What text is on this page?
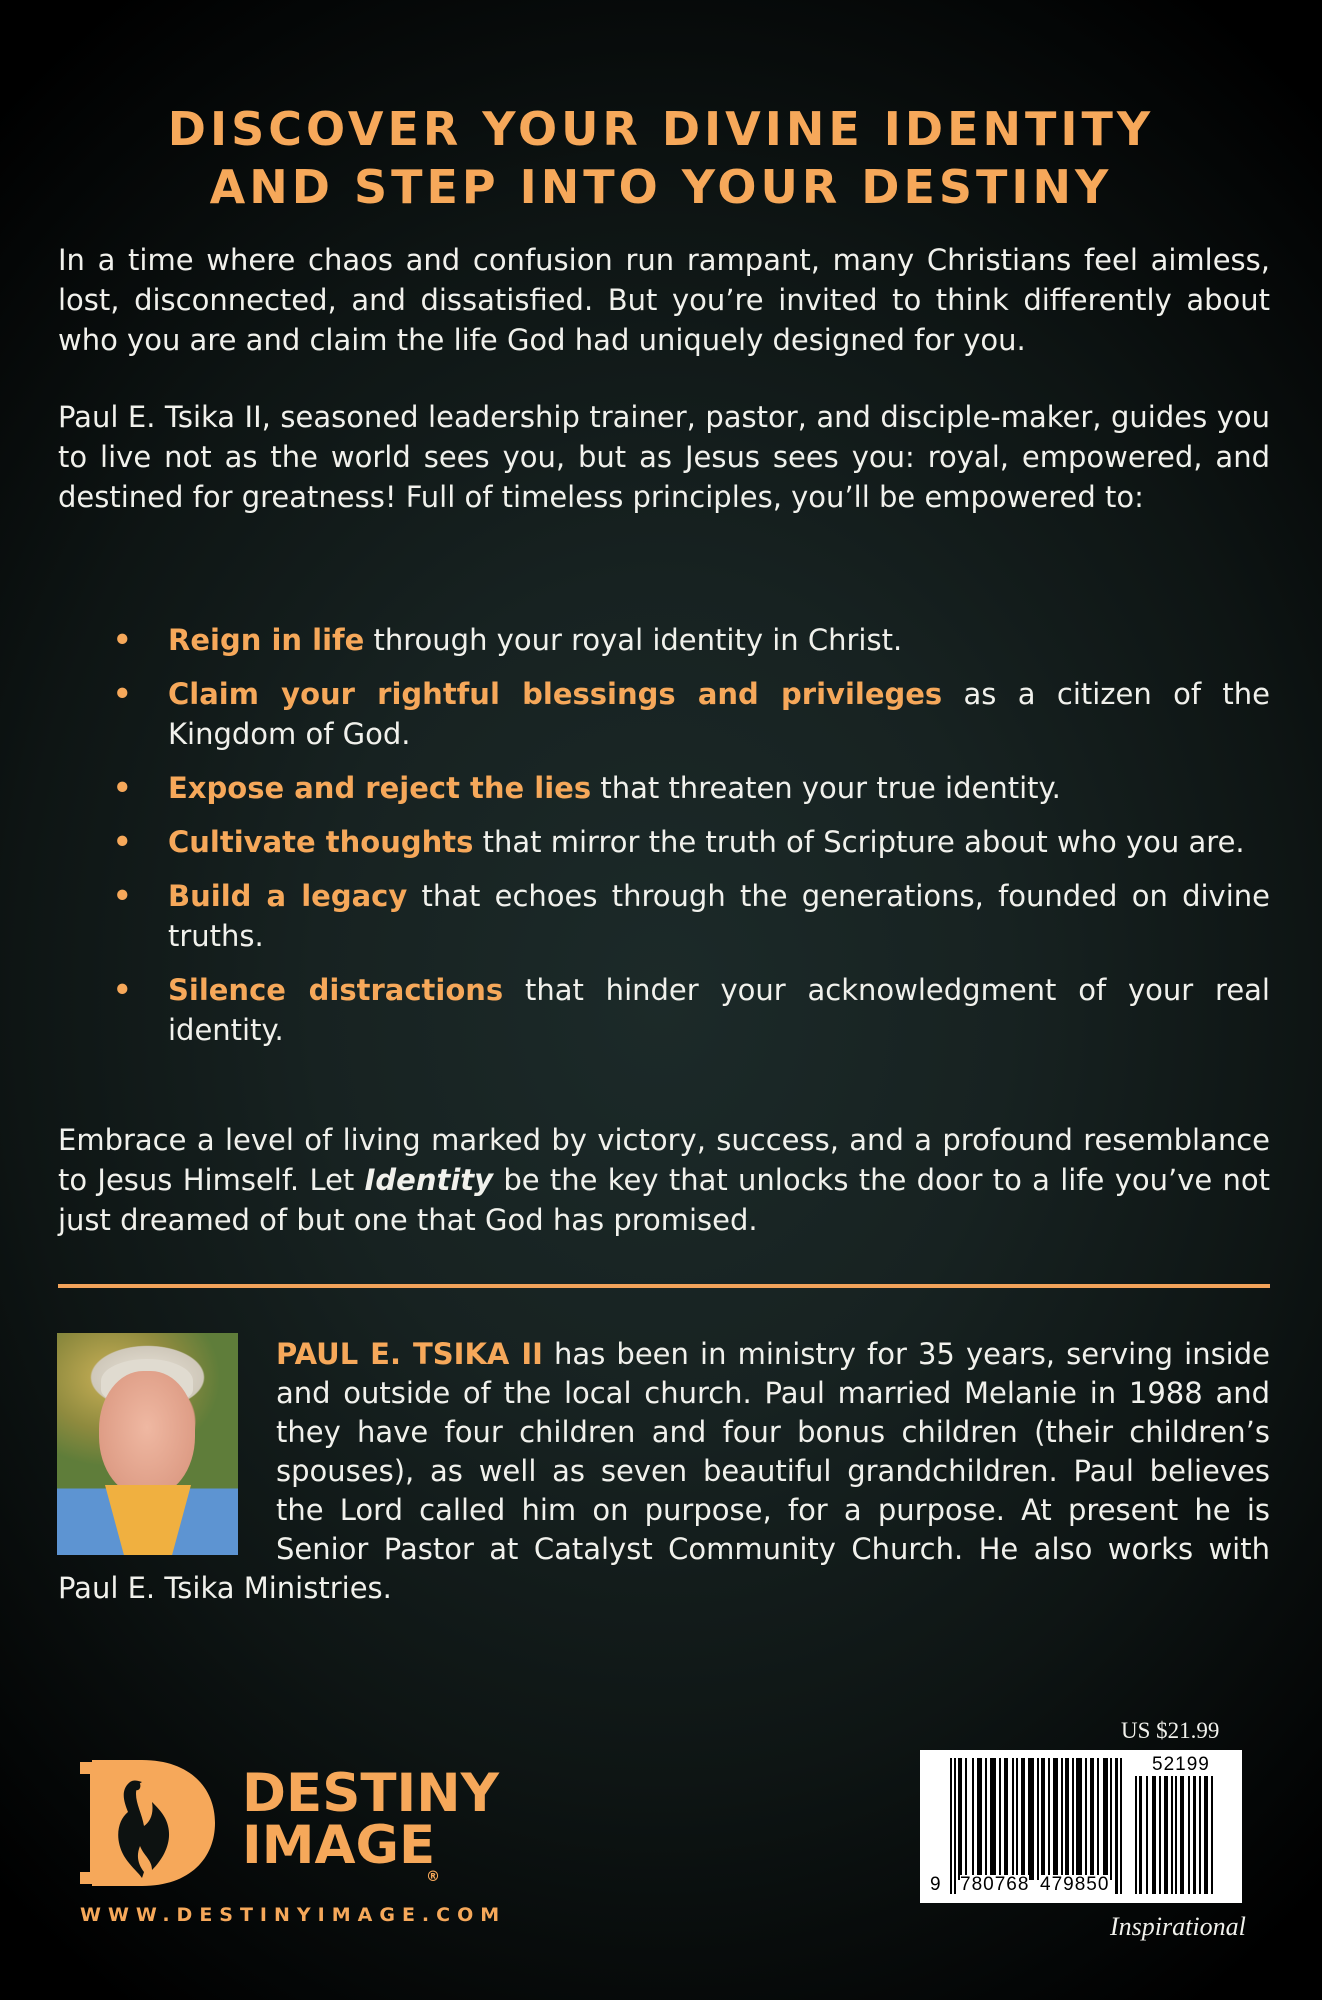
DISCOVER YOUR DIVINE IDENTITY
AND STEP INTO YOUR DESTINY

In a time where chaos and confusion run rampant, many Christians feel aimless, lost, disconnected, and dissatisfied. But you’re invited to think differently about who you are and claim the life God had uniquely designed for you.

Paul E. Tsika II, seasoned leadership trainer, pastor, and disciple-maker, guides you to live not as the world sees you, but as Jesus sees you: royal, empowered, and destined for greatness! Full of timeless principles, you’ll be empowered to:

• Reign in life through your royal identity in Christ.
• Claim your rightful blessings and privileges as a citizen of the Kingdom of God.
• Expose and reject the lies that threaten your true identity.
• Cultivate thoughts that mirror the truth of Scripture about who you are.
• Build a legacy that echoes through the generations, founded on divine truths.
• Silence distractions that hinder your acknowledgment of your real identity.

Embrace a level of living marked by victory, success, and a profound resemblance to Jesus Himself. Let Identity be the key that unlocks the door to a life you’ve not just dreamed of but one that God has promised.

PAUL E. TSIKA II has been in ministry for 35 years, serving inside and outside of the local church. Paul married Melanie in 1988 and they have four children and four bonus children (their children’s spouses), as well as seven beautiful grandchildren. Paul believes the Lord called him on purpose, for a purpose. At present he is Senior Pastor at Catalyst Community Church. He also works with Paul E. Tsika Ministries.

DESTINY
IMAGE
®
WWW.DESTINYIMAGE.COM
US $21.99
9 780768 479850
52199
Inspirational
